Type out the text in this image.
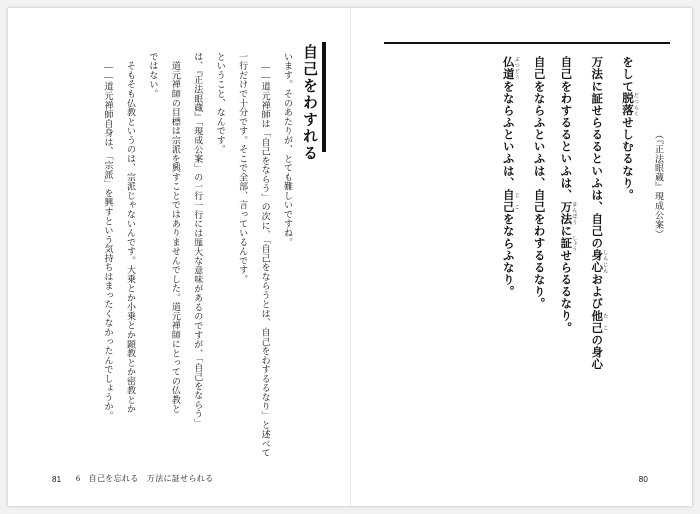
仏 ぶつ道 どうをならふといふは、自 じ己 こをならふなり。	自己をならふといふは、自己をわするるなり。	自己をわするるといふは、万 まん法 ぽうに証 しょうせらるるなり。
万法に証せらるるといふは、自己の身 しん心 じんおよび他 た己 この身心
をして脱 だつ落 らくせしむるなり。	（『正法眼蔵』現成公案）
80
自己をわすれる
　――道元禅師自身は、「宗派」を興すという気持ちはまったくなかったんでしょうか。	　そもそも仏教というのは、宗派じゃないんです。大乗とか小乗とか顕教とか密教とか	ではない。	　道元禅師の目標は宗派を興すことではありませんでした。道元禅師にとっての仏教と	は、『正法眼蔵』「現成公案」の一行一行には厖大な意味があるのですが、「自己をならう」	ということ、なんです。	一行だけで十分です。そこで全部、言っているんです。	　――道元禅師は「自己をならう」の次に、「自己をならうとは、自己をわするるなり」と述べて	います。そのあたりが、とても難しいですね。
81 6　自己を忘れる　万法に証せられる
